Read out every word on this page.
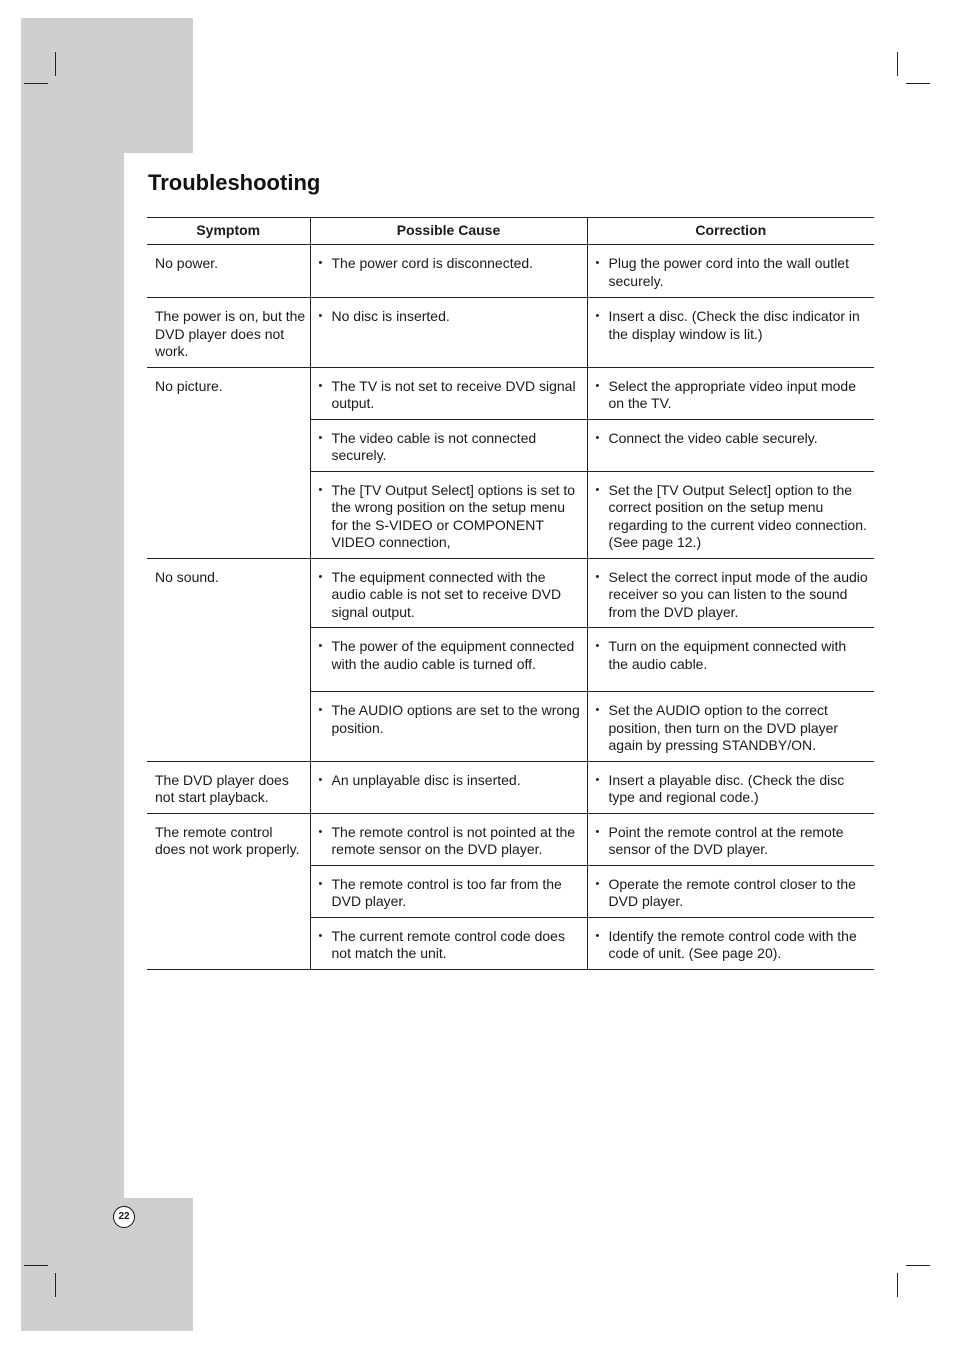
Troubleshooting
Symptom	Possible Cause	Correction
No power.	• The power cord is disconnected.	• Plug the power cord into the wall outlet securely.

The power is on, but the DVD player does not work.	• No disc is inserted.	• Insert a disc. (Check the disc indicator in the display window is lit.)

No picture.	• The TV is not set to receive DVD signal output.	• Select the appropriate video input mode on the TV.

	• The video cable is not connected securely.	• Connect the video cable securely.

	• The [TV Output Select] options is set to the wrong position on the setup menu for the S-VIDEO or COMPONENT VIDEO connection,	• Set the [TV Output Select] option to the correct position on the setup menu regarding to the current video connection. (See page 12.)

No sound.	• The equipment connected with the audio cable is not set to receive DVD signal output.	• Select the correct input mode of the audio receiver so you can listen to the sound from the DVD player.

	• The power of the equipment connected with the audio cable is turned off.	• Turn on the equipment connected with the audio cable.

	• The AUDIO options are set to the wrong position.	• Set the AUDIO option to the correct position, then turn on the DVD player again by pressing STANDBY/ON.

The DVD player does not start playback.	• An unplayable disc is inserted.	• Insert a playable disc. (Check the disc type and regional code.)

The remote control does not work properly.	• The remote control is not pointed at the remote sensor on the DVD player.	• Point the remote control at the remote sensor of the DVD player.

	• The remote control is too far from the DVD player.	• Operate the remote control closer to the DVD player.

	• The current remote control code does not match the unit.	• Identify the remote control code with the code of unit. (See page 20).
22
